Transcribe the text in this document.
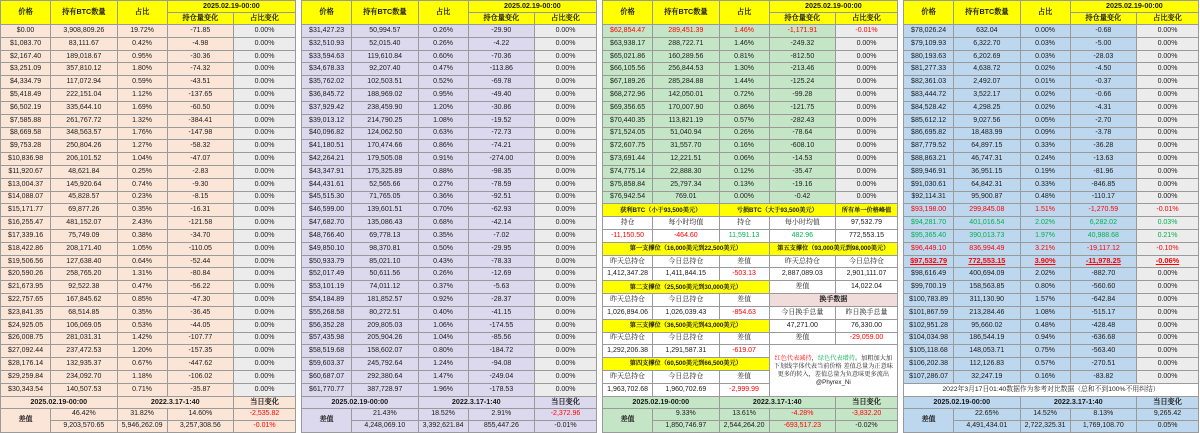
价格	持有BTC数量	占比	2025.02.19-00:00	
			持仓量变化	占比变化
$0.00	3,908,809.26	19.72%	-71.85	0.00%
$1,083.70	83,111.67	0.42%	-4.98	0.00%
$2,167.40	189,018.67	0.95%	-30.36	0.00%
$3,251.09	357,810.12	1.80%	-74.32	0.00%
$4,334.79	117,072.94	0.59%	-43.51	0.00%
$5,418.49	222,151.04	1.12%	-137.65	0.00%
$6,502.19	335,644.10	1.69%	-60.50	0.00%
$7,585.88	261,767.72	1.32%	-384.41	0.00%
$8,669.58	348,563.57	1.76%	-147.98	0.00%
$9,753.28	250,804.26	1.27%	-58.32	0.00%
$10,836.98	206,101.52	1.04%	-47.07	0.00%
$11,920.67	48,621.84	0.25%	-2.83	0.00%
$13,004.37	145,920.64	0.74%	-9.30	0.00%
$14,088.07	45,828.57	0.23%	-8.15	0.00%
$15,171.77	69,877.26	0.35%	-16.31	0.00%
$16,255.47	481,152.07	2.43%	-121.58	0.00%
$17,339.16	75,749.09	0.38%	-34.70	0.00%
$18,422.86	208,171.40	1.05%	-110.05	0.00%
$19,506.56	127,638.40	0.64%	-52.44	0.00%
$20,590.26	258,765.20	1.31%	-80.84	0.00%
$21,673.95	92,522.38	0.47%	-56.22	0.00%
$22,757.65	167,845.62	0.85%	-47.30	0.00%
$23,841.35	68,514.85	0.35%	-36.45	0.00%
$24,925.05	106,069.05	0.53%	-44.05	0.00%
$26,008.75	281,031.31	1.42%	-107.77	0.00%
$27,092.44	237,472.53	1.20%	-157.35	0.00%
$28,176.14	132,935.37	0.67%	-447.62	0.00%
$29,259.84	234,092.70	1.18%	-106.02	0.00%
$30,343.54	140,507.53	0.71%	-35.87	0.00%
2025.02.19-00:00		2022.3.17-1:40		当日变化
差值	46.42%	31.82%	14.60%	-2,535.82
	9,203,570.65	5,946,262.09	3,257,308.56	-0.01%
价格	持有BTC数量	占比	2025.02.19-00:00	
			持仓量变化	占比变化
$31,427.23	50,994.57	0.26%	-29.90	0.00%
$32,510.93	52,015.40	0.26%	-4.22	0.00%
$33,594.63	119,610.84	0.60%	-70.36	0.00%
$34,678.33	92,207.40	0.47%	-113.86	0.00%
$35,762.02	102,503.51	0.52%	-69.78	0.00%
$36,845.72	188,969.02	0.95%	-49.40	0.00%
$37,929.42	238,459.90	1.20%	-30.86	0.00%
$39,013.12	214,790.25	1.08%	-19.52	0.00%
$40,096.82	124,062.50	0.63%	-72.73	0.00%
$41,180.51	170,474.66	0.86%	-74.21	0.00%
$42,264.21	179,505.08	0.91%	-274.00	0.00%
$43,347.91	175,325.89	0.88%	-98.35	0.00%
$44,431.61	52,565.66	0.27%	-78.59	0.00%
$45,515.30	71,765.05	0.36%	-92.51	0.00%
$46,599.00	139,601.51	0.70%	-62.93	0.00%
$47,682.70	135,086.43	0.68%	-42.14	0.00%
$48,766.40	69,778.13	0.35%	-7.02	0.00%
$49,850.10	98,370.81	0.50%	-29.95	0.00%
$50,933.79	85,021.10	0.43%	-78.33	0.00%
$52,017.49	50,611.56	0.26%	-12.69	0.00%
$53,101.19	74,011.12	0.37%	-5.63	0.00%
$54,184.89	181,852.57	0.92%	-28.37	0.00%
$55,268.58	80,272.51	0.40%	-41.15	0.00%
$56,352.28	209,805.03	1.06%	-174.55	0.00%
$57,435.98	205,904.26	1.04%	-85.56	0.00%
$58,519.68	158,602.07	0.80%	-184.72	0.00%
$59,603.37	245,792.64	1.24%	-94.08	0.00%
$60,687.07	292,380.64	1.47%	-249.04	0.00%
$61,770.77	387,728.97	1.96%	-178.53	0.00%
2025.02.19-00:00		2022.3.17-1:40		当日变化
差值	21.43%	18.52%	2.91%	-2,372.96
	4,248,069.10	3,392,621.84	855,447.26	-0.01%
价格	持有BTC数量	占比	2025.02.19-00:00	
			持仓量变化	占比变化
$62,854.47	289,451.39	1.46%	-1,171.91	-0.01%
$63,938.17	288,722.71	1.46%	-249.32	0.00%
$65,021.86	160,289.56	0.81%	-812.50	0.00%
$66,105.56	256,844.53	1.30%	-213.46	0.00%
$67,189.26	285,284.88	1.44%	-125.24	0.00%
$68,272.96	142,050.01	0.72%	-99.28	0.00%
$69,356.65	170,007.90	0.86%	-121.75	0.00%
$70,440.35	113,821.19	0.57%	-282.43	0.00%
$71,524.05	51,040.94	0.26%	-78.64	0.00%
$72,607.75	31,557.70	0.16%	-608.10	0.00%
$73,691.44	12,221.51	0.06%	-14.53	0.00%
$74,775.14	22,888.30	0.12%	-35.47	0.00%
$75,858.84	25,797.34	0.13%	-19.16	0.00%
$76,942.54	769.01	0.00%	-0.42	0.00%
获利BTC（小于93,500美元）		亏损BTC（大于93,500美元）		所有单一价格峰值
持仓	每小时均值	持仓	每小时均值	97,532.79
-11,150.50	-464.60	11,591.13	482.96	772,553.15
第一支撑位（16,000美元到22,500美元）			第五支撑位（93,000美元到98,000美元）	
昨天总持仓	今日总持仓	差值	昨天总持仓	今日总持仓
1,412,347.28	1,411,844.15	-503.13	2,887,089.03	2,901,111.07
第二支撑位（25,500美元到30,000美元）			差值	14,022.04
昨天总持仓	今日总持仓	差值	换手数据	
1,026,894.06	1,026,039.43	-854.63	今日换手总量	昨日换手总量
第三支撑位（36,500美元到43,000美元）			47,271.00	76,330.00
昨天总持仓	今日总持仓	差值	差值	-29,059.00
1,292,206.38	1,291,587.31	-619.07	红色代表减持，绿色代表增持。加粗加大加下划线字体代表当前价格 差值总量为正意味更多的转入，差值总量为负意味更多流出 @Phyrex_Ni	
第四支撑位（60,500美元到66,500美元）				
昨天总持仓	今日总持仓	差值		
1,963,702.68	1,960,702.69	-2,999.99		
2025.02.19-00:00		2022.3.17-1:40		当日变化
差值	9.33%	13.61%	-4.28%	-3,832.20
	1,850,746.97	2,544,264.20	-693,517.23	-0.02%
价格	持有BTC数量	占比	2025.02.19-00:00	
			持仓量变化	占比变化
$78,026.24	632.04	0.00%	-0.68	0.00%
$79,109.93	6,322.70	0.03%	-5.00	0.00%
$80,193.63	6,202.69	0.03%	-28.03	0.00%
$81,277.33	4,638.72	0.02%	-4.50	0.00%
$82,361.03	2,492.07	0.01%	-0.37	0.00%
$83,444.72	3,522.17	0.02%	-0.66	0.00%
$84,528.42	4,298.25	0.02%	-4.31	0.00%
$85,612.12	9,027.56	0.05%	-2.70	0.00%
$86,695.82	18,483.99	0.09%	-3.78	0.00%
$87,779.52	64,897.15	0.33%	-36.28	0.00%
$88,863.21	46,747.31	0.24%	-13.63	0.00%
$89,946.91	36,951.15	0.19%	-81.96	0.00%
$91,030.61	64,842.31	0.33%	-846.85	0.00%
$92,114.31	95,900.87	0.48%	-110.17	0.00%
$93,198.00	299,845.08	1.51%	-1,270.59	-0.01%
$94,281.70	401,016.54	2.02%	6,282.02	0.03%
$95,365.40	390,013.73	1.97%	40,988.68	0.21%
$96,449.10	836,994.49	3.21%	-19,117.12	-0.10%
$97,532.79	772,553.15	3.90%	-11,978.25	-0.06%
$98,616.49	400,694.09	2.02%	-882.70	0.00%
$99,700.19	158,563.85	0.80%	-560.60	0.00%
$100,783.89	311,130.90	1.57%	-642.84	0.00%
$101,867.59	213,284.46	1.08%	-515.17	0.00%
$102,951.28	95,660.02	0.48%	-428.48	0.00%
$104,034.98	186,544.19	0.94%	-636.68	0.00%
$105,118.68	148,053.71	0.75%	-563.40	0.00%
$106,202.38	112,126.83	0.57%	-270.51	0.00%
$107,286.07	32,247.19	0.16%	-83.82	0.00%
2022年3月17日01:40数据作为参考对比数据（总和不到100%不用纠结）				
2025.02.19-00:00		2022.3.17-1:40		当日变化
差值	22.65%	14.52%	8.13%	9,265.42
	4,491,434.01	2,722,325.31	1,769,108.70	0.05%
